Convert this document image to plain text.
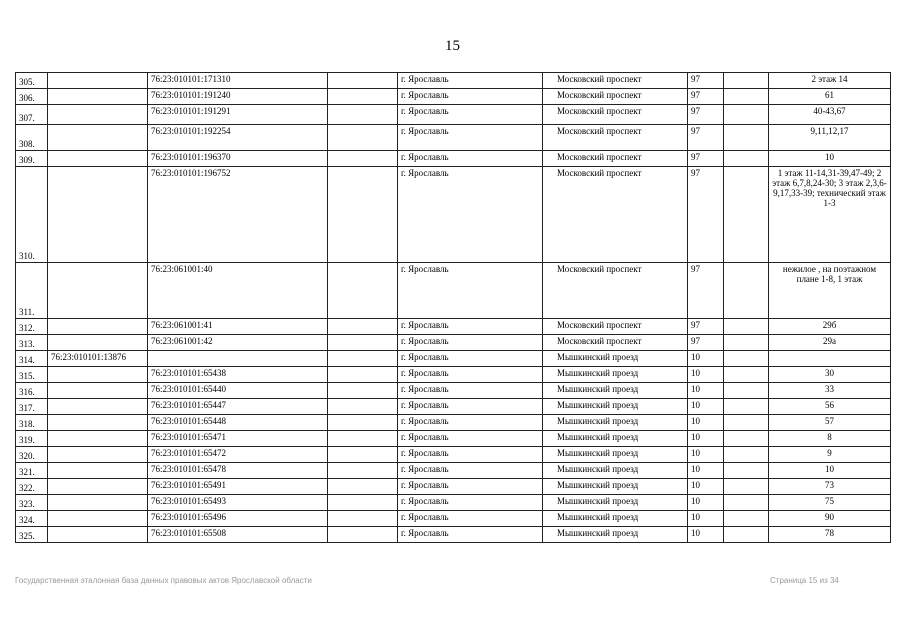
15
305.		76:23:010101:171310		г. Ярославль	Московский проспект	97		2 этаж 14
306.		76:23:010101:191240		г. Ярославль	Московский проспект	97		61
307.		76:23:010101:191291		г. Ярославль	Московский проспект	97		40-43,67
308.		76:23:010101:192254		г. Ярославль	Московский проспект	97		9,11,12,17
309.		76:23:010101:196370		г. Ярославль	Московский проспект	97		10
310.		76:23:010101:196752		г. Ярославль	Московский проспект	97		1 этаж 11-14,31-39,47-49; 2 этаж 6,7,8,24-30; 3 этаж 2,3,6-9,17,33-39; технический этаж 1-3
311.		76:23:061001:40		г. Ярославль	Московский проспект	97		нежилое , на поэтажном плане 1-8, 1 этаж
312.		76:23:061001:41		г. Ярославль	Московский проспект	97		29б
313.		76:23:061001:42		г. Ярославль	Московский проспект	97		29а
314.	76:23:010101:13876			г. Ярославль	Мышкинский проезд	10		
315.		76:23:010101:65438		г. Ярославль	Мышкинский проезд	10		30
316.		76:23:010101:65440		г. Ярославль	Мышкинский проезд	10		33
317.		76:23:010101:65447		г. Ярославль	Мышкинский проезд	10		56
318.		76:23:010101:65448		г. Ярославль	Мышкинский проезд	10		57
319.		76:23:010101:65471		г. Ярославль	Мышкинский проезд	10		8
320.		76:23:010101:65472		г. Ярославль	Мышкинский проезд	10		9
321.		76:23:010101:65478		г. Ярославль	Мышкинский проезд	10		10
322.		76:23:010101:65491		г. Ярославль	Мышкинский проезд	10		73
323.		76:23:010101:65493		г. Ярославль	Мышкинский проезд	10		75
324.		76:23:010101:65496		г. Ярославль	Мышкинский проезд	10		90
325.		76:23:010101:65508		г. Ярославль	Мышкинский проезд	10		78
Государственная эталонная база данных правовых актов Ярославской области	Страница 15 из 34
